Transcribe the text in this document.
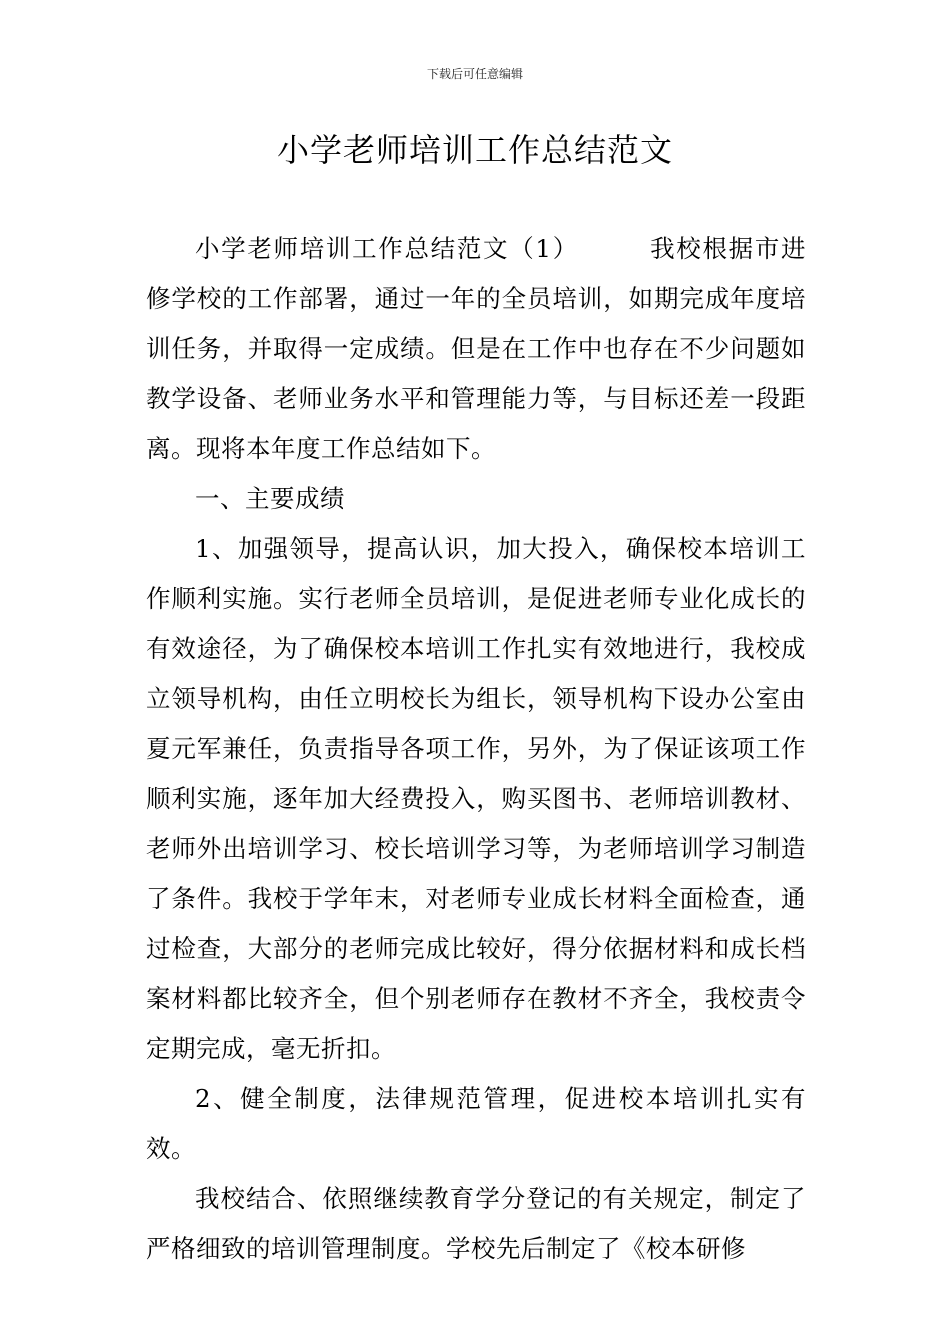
下载后可任意编辑
小学老师培训工作总结范文

小学老师培训工作总结范文（1）	我校根据市进修学校的工作部署，通过一年的全员培训，如期完成年度培训任务，并取得一定成绩。但是在工作中也存在不少问题如教学设备、老师业务水平和管理能力等，与目标还差一段距离。现将本年度工作总结如下。

一、主要成绩

1、加强领导，提高认识，加大投入，确保校本培训工作顺利实施。实行老师全员培训，是促进老师专业化成长的有效途径，为了确保校本培训工作扎实有效地进行，我校成立领导机构，由任立明校长为组长，领导机构下设办公室由夏元军兼任，负责指导各项工作，另外，为了保证该项工作顺利实施，逐年加大经费投入，购买图书、老师培训教材、老师外出培训学习、校长培训学习等，为老师培训学习制造了条件。我校于学年末，对老师专业成长材料全面检查，通过检查，大部分的老师完成比较好，得分依据材料和成长档案材料都比较齐全，但个别老师存在教材不齐全，我校责令定期完成，毫无折扣。

2、健全制度，法律规范管理，促进校本培训扎实有效。

我校结合、依照继续教育学分登记的有关规定，制定了严格细致的培训管理制度。学校先后制定了《校本研修
